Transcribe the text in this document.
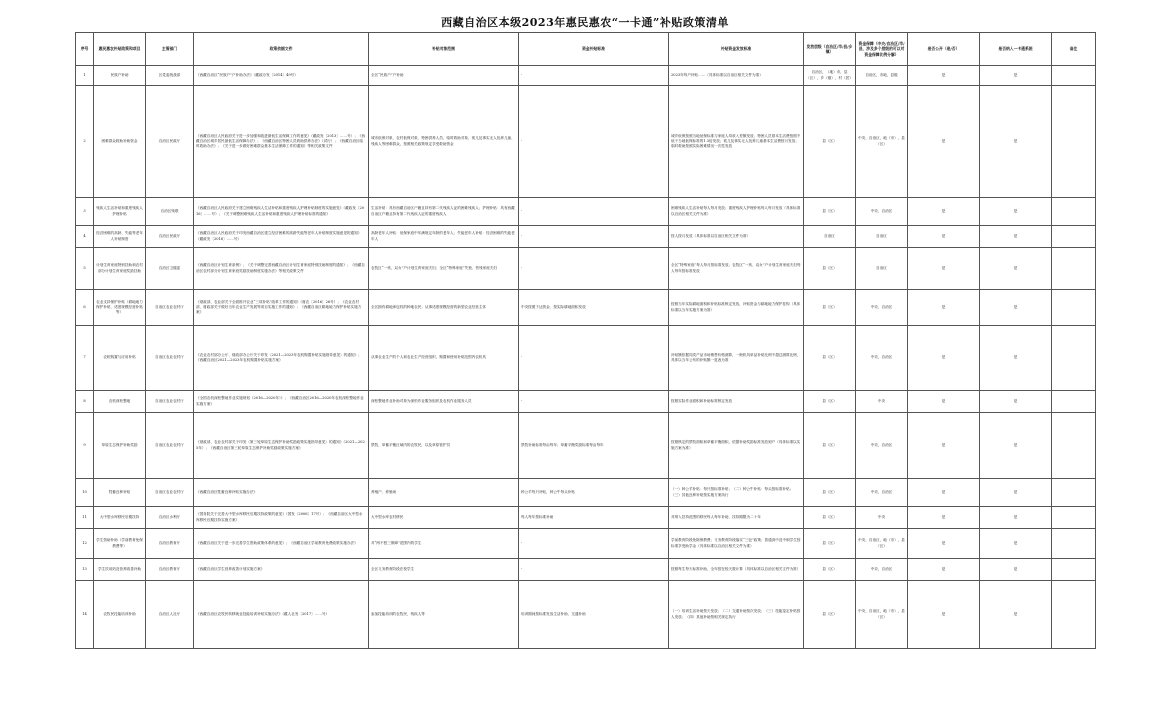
西藏自治区本级2023年惠民惠农“一卡通”补贴政策清单
序号	惠民惠农补贴政策和项目	主管部门	政策依据文件	补贴对象范围	资金补贴标准	补贴资金发放标准	发放层级（自治区/市/县/乡镇）	资金保障（中央/自治区/市/县，涉及多个层级的可以对资金保障比例分解）	是否公开（是/否）	是否纳入一卡通系统	备注
1	民族户补助	区党委统战部	《西藏自治区“民族户”户补助办法》（藏政办发〔2014〕49号）	全区“民族户”户补助	-	2023年每户补贴……（具体标准以自治区相关文件为准）	自治区，（地）市，县（区），乡（镇），村（居）	自治区，市地，县级	是	是	
2	困难群众救助补助资金	自治区民政厅	《西藏自治区人民政府关于进一步加强和改进最低生活保障工作的意见》（藏政发〔2013〕……号）；《西藏自治区城乡居民最低生活保障办法》；《西藏自治区特困人员救助供养办法》（试行）；《西藏自治区临时救助办法》；《关于进一步做好困难群众基本生活保障工作的通知》等相关政策文件	城市低保对象、农村低保对象、特困供养人员、临时救助对象、孤儿及事实无人抚养儿童、残疾人等困难群众，按照相关政策规定享受救助资金	-	城乡低保按照当地低保标准与家庭人均收入差额发放；特困人员基本生活费按照不低于当地低保标准的1.3倍发放；孤儿及事实无人抚养儿童基本生活费按月发放；临时救助按照实际困难情况一次性发放	县（区）	中央，自治区，地（市），县（区）	是	是	
3	残疾人生活补贴和重度残疾人护理补贴	自治区残联	《西藏自治区人民政府关于建立困难残疾人生活补贴和重度残疾人护理补贴制度的实施意见》（藏政发〔2016〕……号）；《关于调整困难残疾人生活补贴和重度残疾人护理补贴标准的通知》	生活补贴：具有西藏自治区户籍且持有第二代残疾人证的困难残疾人；护理补贴：具有西藏自治区户籍且持有第二代残疾人证的重度残疾人	-	困难残疾人生活补贴每人每月发放；重度残疾人护理补贴每人每月发放（具体标准以自治区相关文件为准）	县（区）	中央，自治区	是	是	
4	经济困难的高龄、失能等老年人补贴制度	自治区民政厅	《西藏自治区人民政府关于印发西藏自治区建立经济困难的高龄失能等老年人补贴制度实施意见的通知》（藏政发〔2016〕……号）	高龄老年人补贴：低保家庭中年满规定年龄的老年人；失能老年人补贴：经济困难的失能老年人	-	按人按月发放（具体标准以自治区相关文件为准）	自治区	自治区	是	是	
5	计划生育家庭特别扶助和农村部分计划生育家庭奖励扶助	自治区卫健委	《西藏自治区计划生育条例》；《关于调整完善西藏自治区计划生育家庭特别扶助制度的通知》；《西藏自治区农村部分计划生育家庭奖励扶助制度实施办法》等相关政策文件	农牧区“一孩、双女”户计划生育家庭夫妇；全区“特殊家庭”失独、伤残家庭夫妇	-	全区“特殊家庭”每人每月按标准发放；农牧区“一孩、双女”户计划生育家庭夫妇每人每年按标准发放	县（区）	自治区	是	是	
6	农业支持保护补贴（耕地地力保护补贴、适度规模经营补贴等）	自治区农业农村厅	《财政部、农业部关于全面推开农业“三项补贴”改革工作的通知》（财农〔2016〕26号）；《农业农村部、财政部关于做好当年农业生产发展等项目实施工作的通知》；《西藏自治区耕地地力保护补贴实施方案》	全区拥有耕地承包权的种地农民；从事适度规模经营的新型农业经营主体	中央按照下达资金，按实际耕地面积发放	按照当年实际耕地面积和补贴标准核定发放，补贴资金与耕地地力保护挂钩（具体标准以当年实施方案为准）	县（区）	中央，自治区	是	是	
7	农机购置与应用补贴	自治区农业农村厅	《农业农村部办公厅、财政部办公厅关于印发〈2021—2023年农机购置补贴实施指导意见〉的通知》；《西藏自治区2021—2023年农机购置补贴实施方案》	从事农业生产的个人和农业生产经营组织，购置和使用补贴范围内农机具	-	补贴额依据同类产品市场销售价格测算，一般机具单品补贴比例不超过测算比例，具体以当年公布的补贴额一览表为准	县（区）	中央，自治区	是	是	
8	农机深松整地	自治区农业农村厅	《全国农机深松整地作业实施规划（2016—2020年）》；《西藏自治区2016—2020年农机深松整地作业实施方案》	深松整地作业补助对象为深松作业服务组织及农机作业服务人员	-	按照实际作业面积和补助标准核定发放	县（区）	中央	是	是	
9	草原生态保护补助奖励	自治区农业农村厅	《财政部、农业农村部关于印发〈第三轮草原生态保护补助奖励政策实施指导意见〉的通知》（2021—2025年）；《西藏自治区第三轮草原生态保护补助奖励政策实施方案》	禁牧、草畜平衡区域内的农牧民，以及草原管护员	禁牧补助标准每亩每年；草畜平衡奖励标准每亩每年	按照核定的禁牧面积和草畜平衡面积，依据补助奖励标准发放到户（具体标准以实施方案为准）	县（区）	中央，自治区	是	是	
10	牲畜良种补贴	自治区农业农村厅	《西藏自治区牲畜良种补贴实施办法》	养殖户、养殖场	种公羊每只补贴，种公牛每头补贴	（一）种公羊补贴：每只按标准补贴；（二）种公牛补贴：每头按标准补贴；（三）其他良种补贴按实施方案执行	县（区）	中央，自治区	是	是	
11	大中型水库移民后期扶持	自治区水利厅	《国务院关于完善大中型水库移民后期扶持政策的意见》（国发〔2006〕17号）；《西藏自治区大中型水库移民后期扶持实施方案》	大中型水库农村移民	每人每年按标准补助	对纳入扶持范围的移民每人每年补助，扶持期限为二十年	县（区）	中央	是	是	
12	学生资助补助（学前教育免保教费等）	自治区教育厅	《西藏自治区关于进一步完善学生资助政策体系的意见》；《西藏自治区学前教育免费政策实施办法》	对“两不愁三保障”范围内的学生	-	学前教育阶段免除保教费；义务教育阶段落实“三包”政策；普通高中及中职学生按标准享受助学金（具体标准以自治区相关文件为准）	县（区）	中央，自治区，地（市），县（区）	是	是	
13	学生饮用奶及营养改善补助	自治区教育厅	《西藏自治区学生营养改善计划实施方案》	全区义务教育阶段在校学生	-	按照每生每天标准补助，全年按在校天数计算（具体标准以自治区相关文件为准）	县（区）	中央，自治区	是	是	
14	农牧民技能培训补助	自治区人社厅	《西藏自治区农牧民转移就业技能培训补贴实施办法》（藏人社发〔2017〕……号）	参加技能培训的农牧民、残疾人等	培训期间按标准发放生活补助、交通补助	（一）培训生活补助按天发放；（二）交通补助按次发放；（三）技能鉴定补贴按人发放；（四）其他补助按相关规定执行	县（区）	中央，自治区，地（市），县（区）	是	是	
